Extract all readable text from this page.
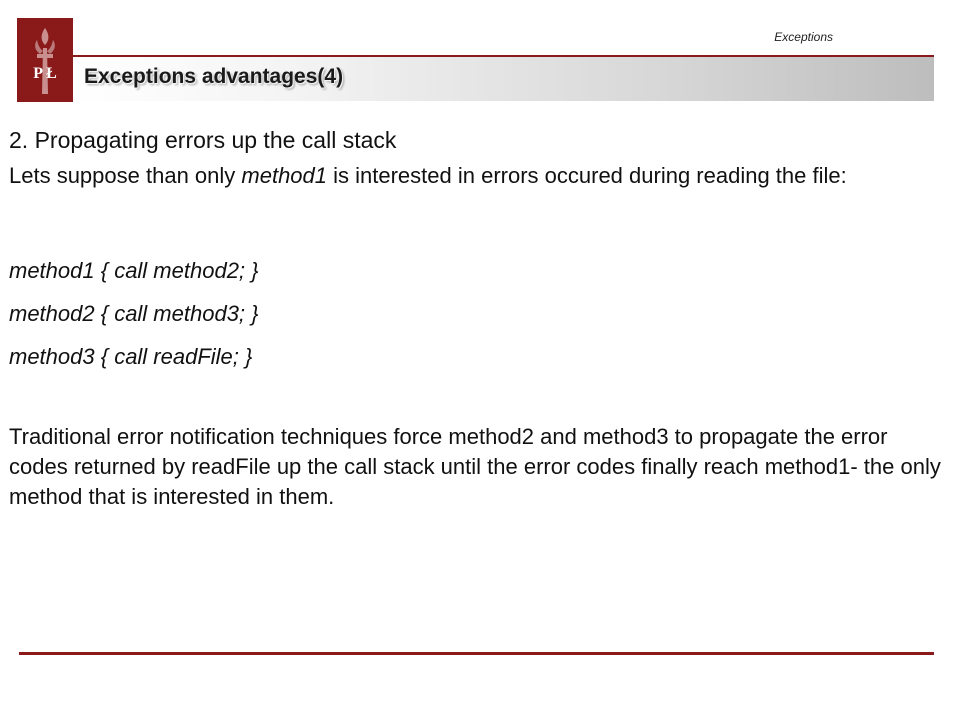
P Ł
Exceptions
Exceptions advantages(4)

2. Propagating errors up the call stack

Lets suppose than only method1 is interested in errors occured during reading the file:

method1 { call method2; }

method2 { call method3; }

method3 { call readFile; }

Traditional error notification techniques force method2 and method3 to propagate the error codes returned by readFile up the call stack until the error codes finally reach method1- the only method that is interested in them.
